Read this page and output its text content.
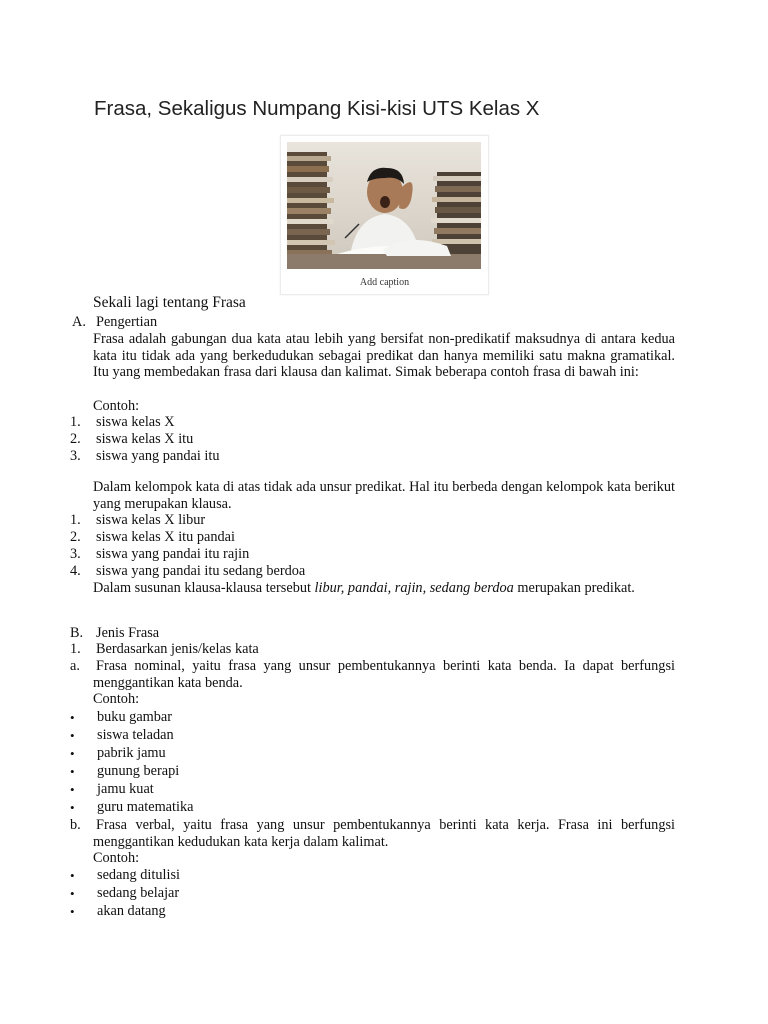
Frasa, Sekaligus Numpang Kisi-kisi UTS Kelas X
Add caption
Sekali lagi tentang Frasa
A. Pengertian
Frasa adalah gabungan dua kata atau lebih yang bersifat non-predikatif maksudnya di antara kedua kata itu tidak ada yang berkedudukan sebagai predikat dan hanya memiliki satu makna gramatikal. Itu yang membedakan frasa dari klausa dan kalimat. Simak beberapa contoh frasa di bawah ini:
Contoh:
1. siswa kelas X
2. siswa kelas X itu
3. siswa yang pandai itu
Dalam kelompok kata di atas tidak ada unsur predikat. Hal itu berbeda dengan kelompok kata berikut yang merupakan klausa.
1. siswa kelas X libur
2. siswa kelas X itu pandai
3. siswa yang pandai itu rajin
4. siswa yang pandai itu sedang berdoa
Dalam susunan klausa-klausa tersebut libur, pandai, rajin, sedang berdoa merupakan predikat.
B. Jenis Frasa
1. Berdasarkan jenis/kelas kata
a. Frasa nominal, yaitu frasa yang unsur pembentukannya berinti kata benda. Ia dapat berfungsi menggantikan kata benda.
Contoh:
• buku gambar
• siswa teladan
• pabrik jamu
• gunung berapi
• jamu kuat
• guru matematika
b. Frasa verbal, yaitu frasa yang unsur pembentukannya berinti kata kerja. Frasa ini berfungsi menggantikan kedudukan kata kerja dalam kalimat.
Contoh:
• sedang ditulisi
• sedang belajar
• akan datang
